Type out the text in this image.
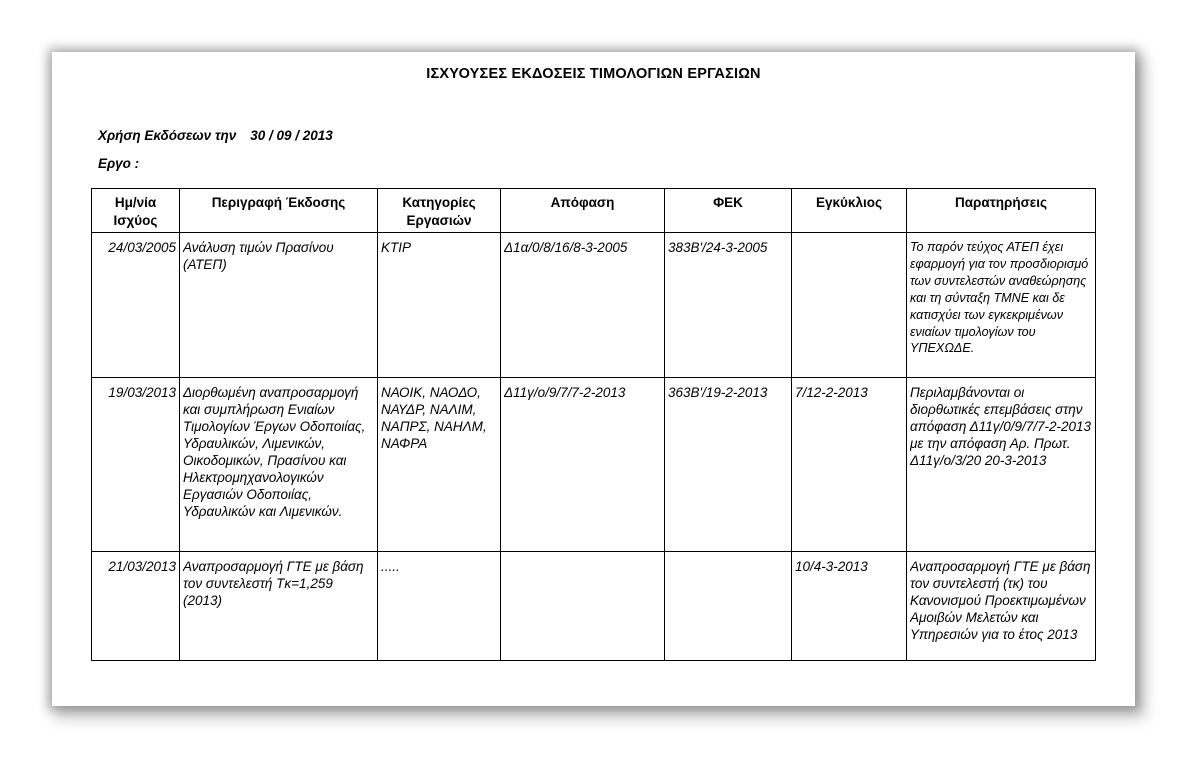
ΙΣΧΥΟΥΣΕΣ ΕΚΔΟΣΕΙΣ ΤΙΜΟΛΟΓΙΩΝ ΕΡΓΑΣΙΩΝ
Χρήση Εκδόσεων την 30 / 09 / 2013
Εργο :
Ημ/νία Ισχύος	Περιγραφή Έκδοσης	Κατηγορίες Εργασιών	Απόφαση	ΦΕΚ	Εγκύκλιος	Παρατηρήσεις

24/03/2005	Ανάλυση τιμών Πρασίνου (ΑΤΕΠ)	ΚΤΙΡ	Δ1α/0/8/16/8-3-2005	383Β'/24-3-2005		Το παρόν τεύχος ΑΤΕΠ έχει εφαρμογή για τον προσδιορισμό των συντελεστών αναθεώρησης και τη σύνταξη ΤΜΝΕ και δε κατισχύει των εγκεκριμένων ενιαίων τιμολογίων του ΥΠΕΧΩΔΕ.

19/03/2013	Διορθωμένη αναπροσαρμογή και συμπλήρωση Ενιαίων Τιμολογίων Έργων Οδοποιίας, Υδραυλικών, Λιμενικών, Οικοδομικών, Πρασίνου και Ηλεκτρομηχανολογικών Εργασιών Οδοποιίας, Υδραυλικών και Λιμενικών.	ΝΑΟΙΚ, ΝΑΟΔΟ, ΝΑΥΔΡ, ΝΑΛΙΜ, ΝΑΠΡΣ, ΝΑΗΛΜ, ΝΑΦΡΑ	Δ11γ/ο/9/7/7-2-2013	363Β'/19-2-2013	7/12-2-2013	Περιλαμβάνονται οι διορθωτικές επεμβάσεις στην απόφαση Δ11γ/0/9/7/7-2-2013 με την απόφαση Αρ. Πρωτ. Δ11γ/ο/3/20 20-3-2013

21/03/2013	Αναπροσαρμογή ΓΤΕ με βάση τον συντελεστή Τκ=1,259 (2013)	.....			10/4-3-2013	Αναπροσαρμογή ΓΤΕ με βάση τον συντελεστή (τκ) του Κανονισμού Προεκτιμωμένων Αμοιβών Μελετών και Υπηρεσιών για το έτος 2013
